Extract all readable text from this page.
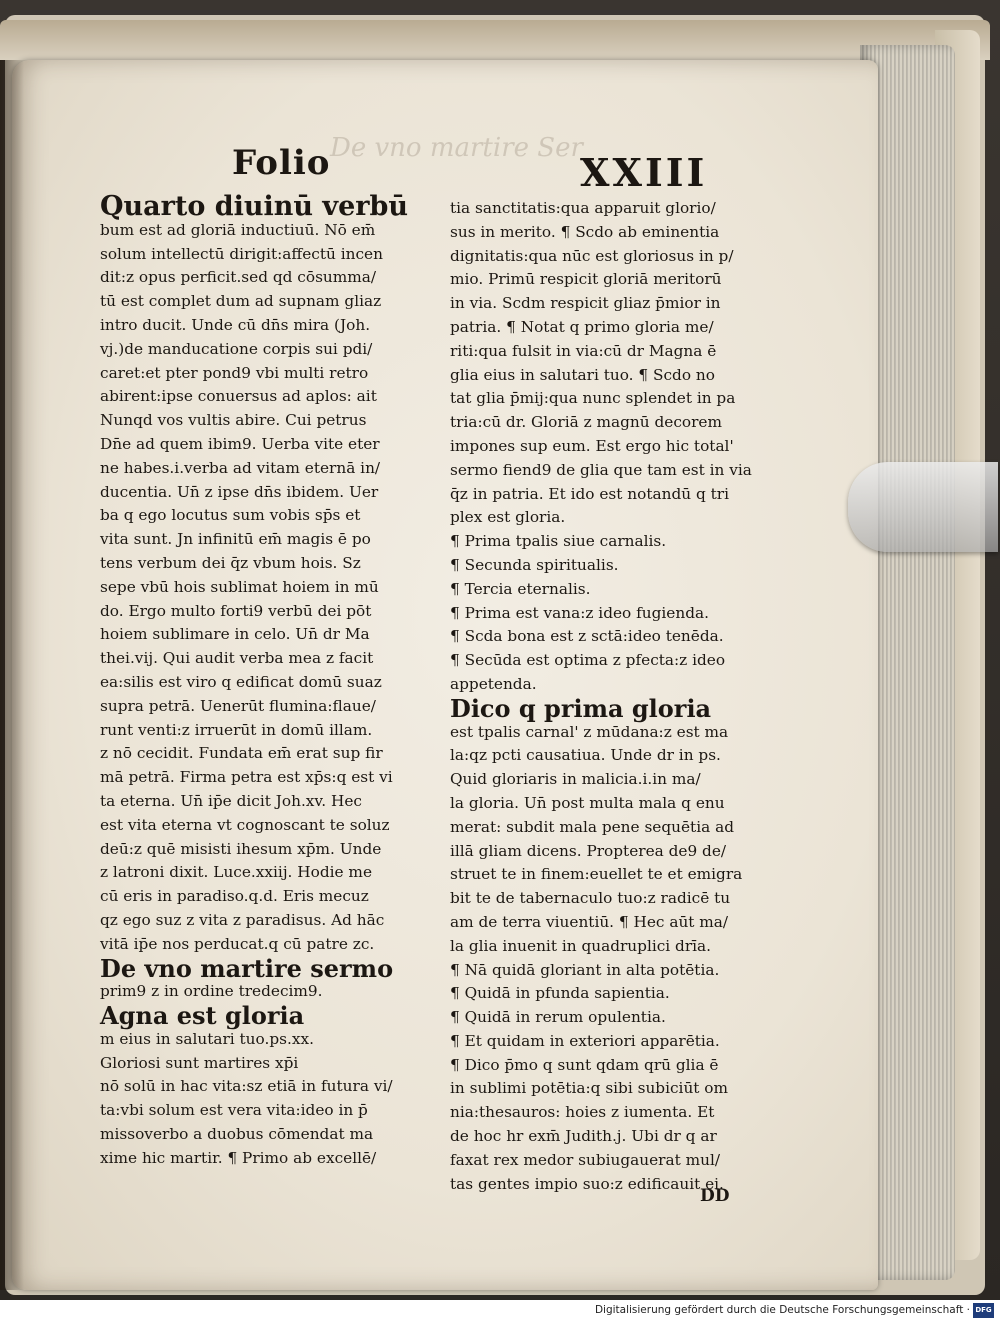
De vno martire Ser
Folio	XXIII
Quarto diuinū verbū
bum est ad gloriā inductiuū. Nō em̄
solum intellectū dirigit:affectū incen
dit:z opus perficit.sed qd cōsumma/
tū est complet dum ad supnam gliaz
intro ducit. Unde cū dn̄s mira (Joh.
vj.)de manducatione corpis sui pdi/
caret:et pter pond9 vbi multi retro
abirent:ipse conuersus ad aplos: ait
Nunqd vos vultis abire. Cui petrus
Dn̄e ad quem ibim9. Uerba vite eter
ne habes.i.verba ad vitam eternā in/
ducentia. Un̄ z ipse dn̄s ibidem. Uer
ba q ego locutus sum vobis sp̄s et
vita sunt. Jn infinitū em̄ magis ē po
tens verbum dei q̄z vbum hois. Sz
sepe vbū hois sublimat hoiem in mū
do. Ergo multo forti9 verbū dei pōt
hoiem sublimare in celo. Un̄ dr Ma
thei.vij. Qui audit verba mea z facit
ea:silis est viro q edificat domū suaz
supra petrā. Uenerūt flumina:flaue/
runt venti:z irruerūt in domū illam.
z nō cecidit. Fundata em̄ erat sup fir
mā petrā. Firma petra est xp̄s:q est vi
ta eterna. Un̄ ip̄e dicit Joh.xv. Hec
est vita eterna vt cognoscant te soluz
deū:z quē misisti ihesum xp̄m. Unde
z latroni dixit. Luce.xxiij. Hodie me
cū eris in paradiso.q.d. Eris mecuz
qz ego suz z vita z paradisus. Ad hāc
vitā ip̄e nos perducat.q cū patre zc.
De vno martire sermo
prim9 z in ordine tredecim9.
Agna est gloria
m eius in salutari tuo.ps.xx.
Gloriosi sunt martires xp̄i
nō solū in hac vita:sz etiā in futura vi/
ta:vbi solum est vera vita:ideo in p̄
missoverbo a duobus cōmendat ma
xime hic martir. ¶ Primo ab excellē/
tia sanctitatis:qua apparuit glorio/
sus in merito. ¶ Scdo ab eminentia
dignitatis:qua nūc est gloriosus in p/
mio. Primū respicit gloriā meritorū
in via. Scdm respicit gliaz p̄mior in
patria. ¶ Notat q primo gloria me/
riti:qua fulsit in via:cū dr Magna ē
glia eius in salutari tuo. ¶ Scdo no
tat glia p̄mij:qua nunc splendet in pa
tria:cū dr. Gloriā z magnū decorem
impones sup eum. Est ergo hic total'
sermo fiend9 de glia que tam est in via
q̄z in patria. Et ido est notandū q tri
plex est gloria.
¶ Prima tpalis siue carnalis.
¶ Secunda spiritualis.
¶ Tercia eternalis.
¶ Prima est vana:z ideo fugienda.
¶ Scda bona est z sctā:ideo tenēda.
¶ Secūda est optima z pfecta:z ideo
appetenda.
Dico q prima gloria
est tpalis carnal' z mūdana:z est ma
la:qz pcti causatiua. Unde dr in ps.
Quid gloriaris in malicia.i.in ma/
la gloria. Un̄ post multa mala q enu
merat: subdit mala pene sequētia ad
illā gliam dicens. Propterea de9 de/
struet te in finem:euellet te et emigra
bit te de tabernaculo tuo:z radicē tu
am de terra viuentiū. ¶ Hec aūt ma/
la glia inuenit in quadruplici drīa.
¶ Nā quidā gloriant in alta potētia.
¶ Quidā in pfunda sapientia.
¶ Quidā in rerum opulentia.
¶ Et quidam in exteriori apparētia.
¶ Dico p̄mo q sunt qdam qrū glia ē
in sublimi potētia:q sibi subiciūt om
nia:thesauros: hoies z iumenta. Et
de hoc hr exm̄ Judith.j. Ubi dr q ar
faxat rex medor subiugauerat mul/
tas gentes impio suo:z edificauit ei.
DD
Digitalisierung gefördert durch die Deutsche Forschungsgemeinschaft · DFG
